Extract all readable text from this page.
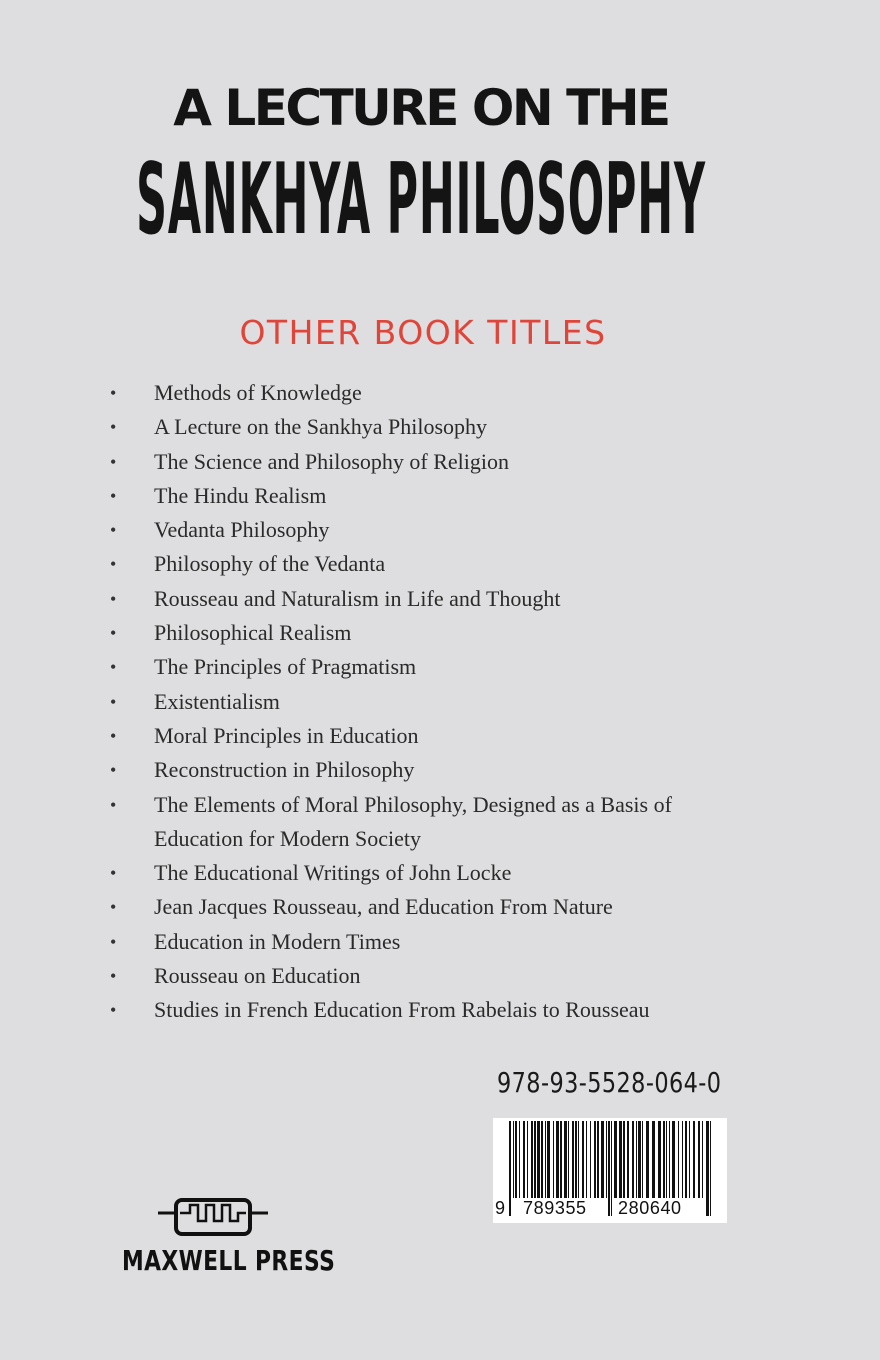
A LECTURE ON THE
SANKHYA PHILOSOPHY
OTHER BOOK TITLES
• Methods of Knowledge
• A Lecture on the Sankhya Philosophy
• The Science and Philosophy of Religion
• The Hindu Realism
• Vedanta Philosophy
• Philosophy of the Vedanta
• Rousseau and Naturalism in Life and Thought
• Philosophical Realism
• The Principles of Pragmatism
• Existentialism
• Moral Principles in Education
• Reconstruction in Philosophy
• The Elements of Moral Philosophy, Designed as a Basis of Education for Modern Society
• The Educational Writings of John Locke
• Jean Jacques Rousseau, and Education From Nature
• Education in Modern Times
• Rousseau on Education
• Studies in French Education From Rabelais to Rousseau
978-93-5528-064-0
9 789355 280640
MAXWELL PRESS
